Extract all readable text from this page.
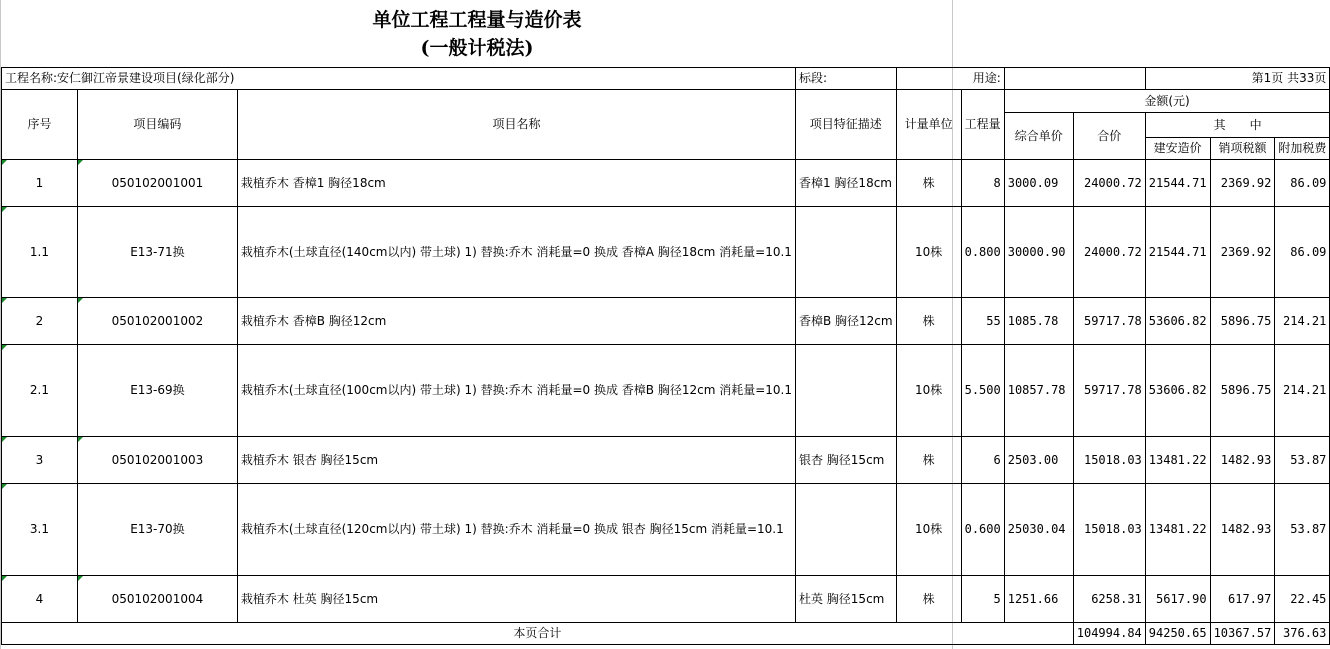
单位工程工程量与造价表
(一般计税法)
工程名称:安仁御江帝景建设项目(绿化部分)			标段:	用途:				第1页 共33页		
序号	项目编码	项目名称	项目特征描述	计量单位	工程量	金额(元)				
						综合单价	合价	其　　中		
								建安造价	销项税额	附加税费
1	050102001001	栽植乔木 香樟1 胸径18cm	香樟1 胸径18cm	株	8	3000.09	24000.72	21544.71	2369.92	86.09
1.1	E13-71换	栽植乔木(土球直径(140cm以内) 带土球) 1) 替换:乔木 消耗量=0 换成 香樟A 胸径18cm 消耗量=10.1		10株	0.800	30000.90	24000.72	21544.71	2369.92	86.09
2	050102001002	栽植乔木 香樟B 胸径12cm	香樟B 胸径12cm	株	55	1085.78	59717.78	53606.82	5896.75	214.21
2.1	E13-69换	栽植乔木(土球直径(100cm以内) 带土球) 1) 替换:乔木 消耗量=0 换成 香樟B 胸径12cm 消耗量=10.1		10株	5.500	10857.78	59717.78	53606.82	5896.75	214.21
3	050102001003	栽植乔木 银杏 胸径15cm	银杏 胸径15cm	株	6	2503.00	15018.03	13481.22	1482.93	53.87
3.1	E13-70换	栽植乔木(土球直径(120cm以内) 带土球) 1) 替换:乔木 消耗量=0 换成 银杏 胸径15cm 消耗量=10.1		10株	0.600	25030.04	15018.03	13481.22	1482.93	53.87
4	050102001004	栽植乔木 杜英 胸径15cm	杜英 胸径15cm	株	5	1251.66	6258.31	5617.90	617.97	22.45
本页合计							104994.84	94250.65	10367.57	376.63
